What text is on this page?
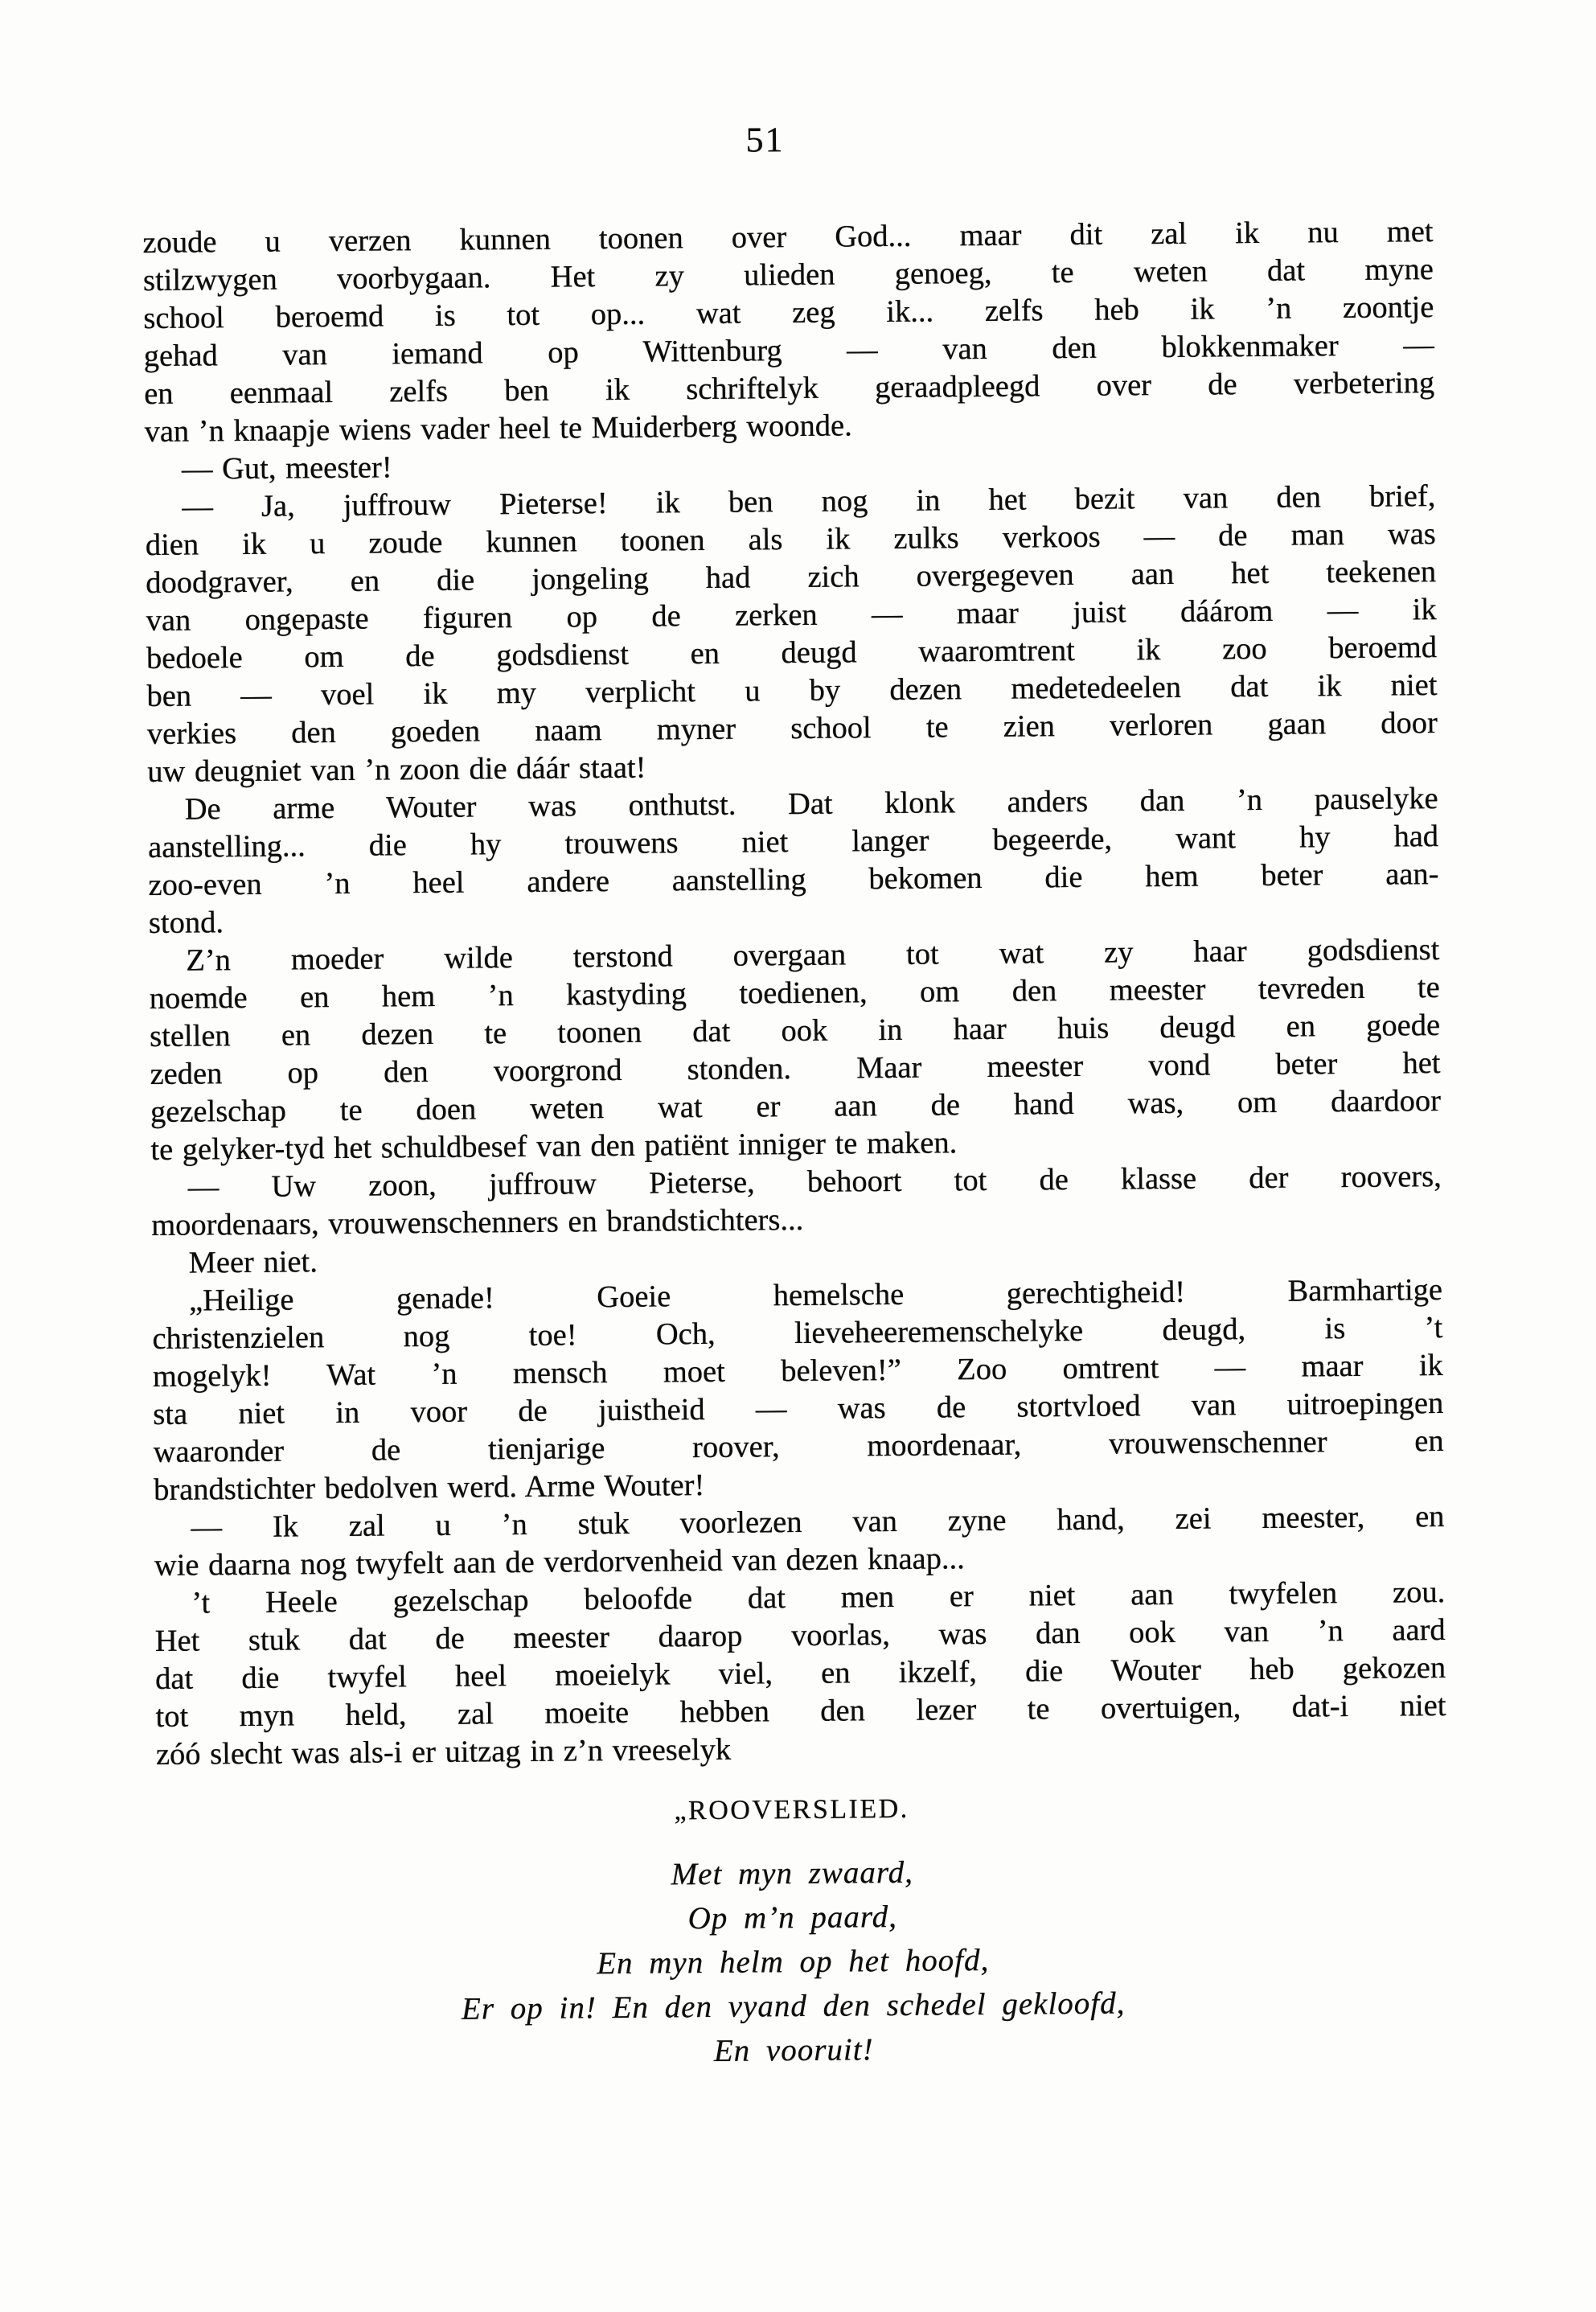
51
zoude u verzen kunnen toonen over God... maar dit zal ik nu met
stilzwygen voorbygaan. Het zy ulieden genoeg, te weten dat myne
school beroemd is tot op... wat zeg ik... zelfs heb ik ’n zoontje
gehad van iemand op Wittenburg — van den blokkenmaker —
en eenmaal zelfs ben ik schriftelyk geraadpleegd over de verbetering
van ’n knaapje wiens vader heel te Muiderberg woonde.
— Gut, meester!
— Ja, juffrouw Pieterse! ik ben nog in het bezit van den brief,
dien ik u zoude kunnen toonen als ik zulks verkoos — de man was
doodgraver, en die jongeling had zich overgegeven aan het teekenen
van ongepaste figuren op de zerken — maar juist dáárom — ik
bedoele om de godsdienst en deugd waaromtrent ik zoo beroemd
ben — voel ik my verplicht u by dezen medetedeelen dat ik niet
verkies den goeden naam myner school te zien verloren gaan door
uw deugniet van ’n zoon die dáár staat!
De arme Wouter was onthutst. Dat klonk anders dan ’n pauselyke
aanstelling... die hy trouwens niet langer begeerde, want hy had
zoo-even ’n heel andere aanstelling bekomen die hem beter aan-
stond.
Z’n moeder wilde terstond overgaan tot wat zy haar godsdienst
noemde en hem ’n kastyding toedienen, om den meester tevreden te
stellen en dezen te toonen dat ook in haar huis deugd en goede
zeden op den voorgrond stonden. Maar meester vond beter het
gezelschap te doen weten wat er aan de hand was, om daardoor
te gelyker-tyd het schuldbesef van den patiënt inniger te maken.
— Uw zoon, juffrouw Pieterse, behoort tot de klasse der roovers,
moordenaars, vrouwenschenners en brandstichters...
Meer niet.
„Heilige genade! Goeie hemelsche gerechtigheid! Barmhartige
christenzielen nog toe! Och, lieveheeremenschelyke deugd, is ’t
mogelyk! Wat ’n mensch moet beleven!” Zoo omtrent — maar ik
sta niet in voor de juistheid — was de stortvloed van uitroepingen
waaronder de tienjarige roover, moordenaar, vrouwenschenner en
brandstichter bedolven werd. Arme Wouter!
— Ik zal u ’n stuk voorlezen van zyne hand, zei meester, en
wie daarna nog twyfelt aan de verdorvenheid van dezen knaap...
’t Heele gezelschap beloofde dat men er niet aan twyfelen zou.
Het stuk dat de meester daarop voorlas, was dan ook van ’n aard
dat die twyfel heel moeielyk viel, en ikzelf, die Wouter heb gekozen
tot myn held, zal moeite hebben den lezer te overtuigen, dat-i niet
zóó slecht was als-i er uitzag in z’n vreeselyk
„ROOVERSLIED.
Met myn zwaard,
Op m’n paard,
En myn helm op het hoofd,
Er op in! En den vyand den schedel gekloofd,
En vooruit!
